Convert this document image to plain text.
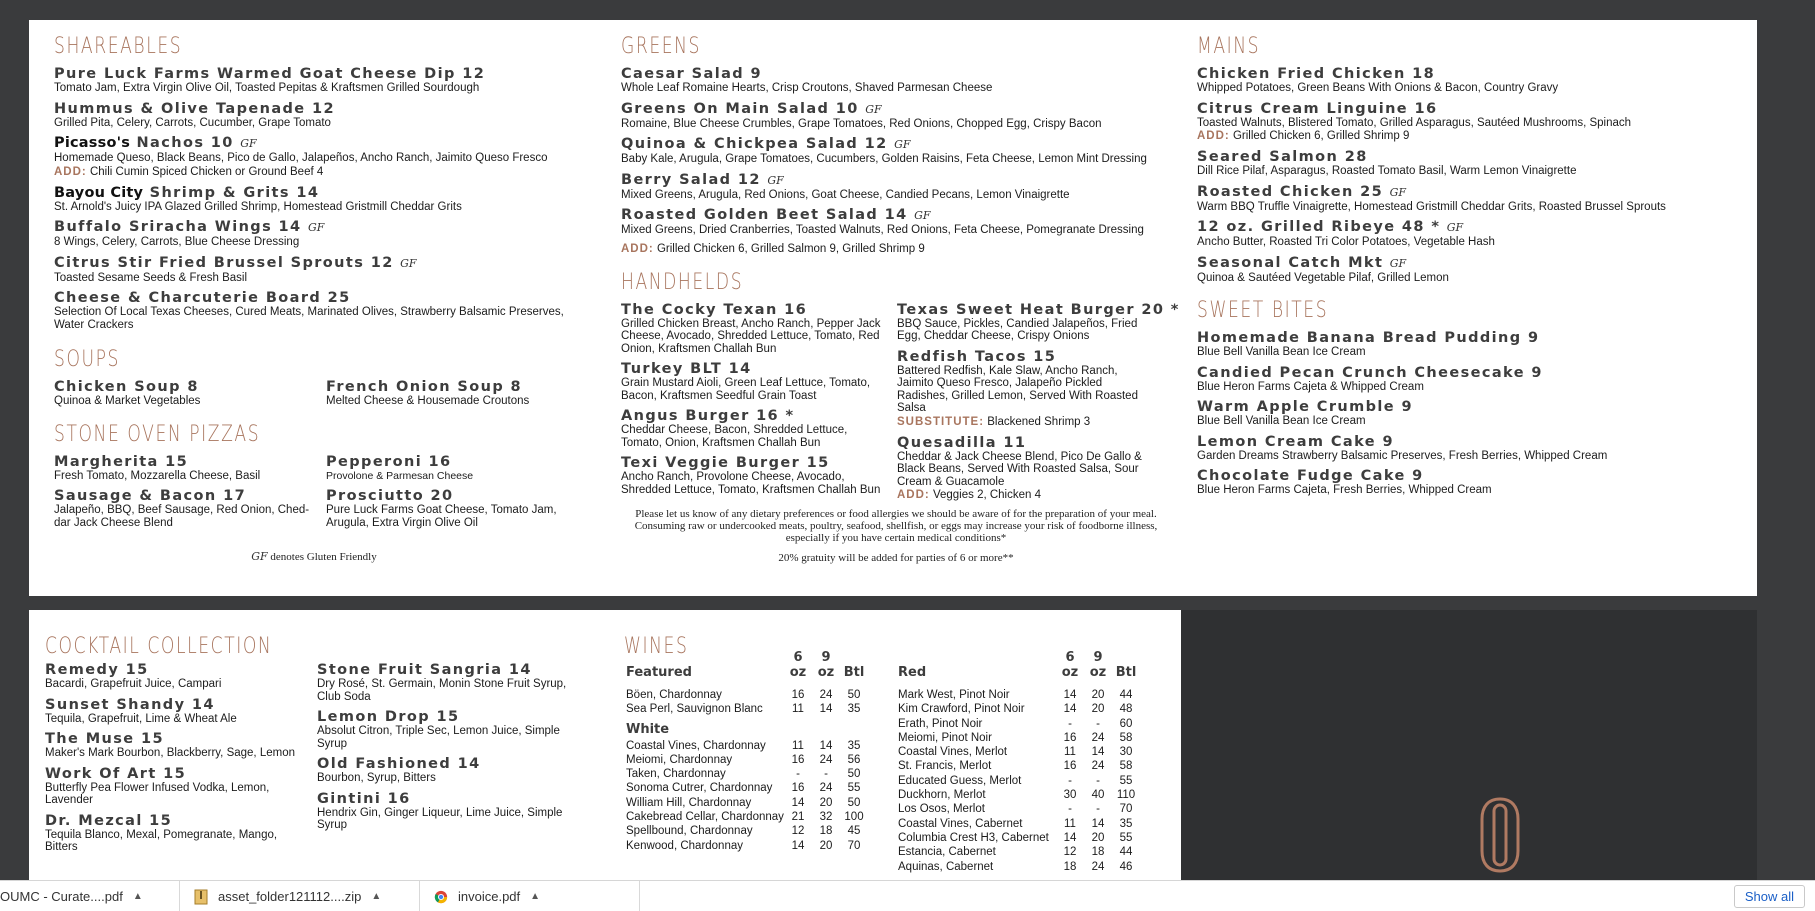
SHAREABLES
Pure Luck Farms Warmed Goat Cheese Dip 12
Tomato Jam, Extra Virgin Olive Oil, Toasted Pepitas & Kraftsmen Grilled Sourdough
Hummus & Olive Tapenade 12
Grilled Pita, Celery, Carrots, Cucumber, Grape Tomato
Picasso's Nachos 10 GF
Homemade Queso, Black Beans, Pico de Gallo, Jalapeños, Ancho Ranch, Jaimito Queso Fresco
ADD: Chili Cumin Spiced Chicken or Ground Beef 4
Bayou City Shrimp & Grits 14
St. Arnold's Juicy IPA Glazed Grilled Shrimp, Homestead Gristmill Cheddar Grits
Buffalo Sriracha Wings 14 GF
8 Wings, Celery, Carrots, Blue Cheese Dressing
Citrus Stir Fried Brussel Sprouts 12 GF
Toasted Sesame Seeds & Fresh Basil
Cheese & Charcuterie Board 25
Selection Of Local Texas Cheeses, Cured Meats, Marinated Olives, Strawberry Balsamic Preserves, Water Crackers
SOUPS
Chicken Soup 8
Quinoa & Market Vegetables
French Onion Soup 8
Melted Cheese & Housemade Croutons
STONE OVEN PIZZAS
Margherita 15
Fresh Tomato, Mozzarella Cheese, Basil
Sausage & Bacon 17
Jalapeño, BBQ, Beef Sausage, Red Onion, Ched-dar Jack Cheese Blend
Pepperoni 16
Provolone & Parmesan Cheese
Prosciutto 20
Pure Luck Farms Goat Cheese, Tomato Jam, Arugula, Extra Virgin Olive Oil
GF denotes Gluten Friendly
GREENS
Caesar Salad 9
Whole Leaf Romaine Hearts, Crisp Croutons, Shaved Parmesan Cheese
Greens On Main Salad 10 GF
Romaine, Blue Cheese Crumbles, Grape Tomatoes, Red Onions, Chopped Egg, Crispy Bacon
Quinoa & Chickpea Salad 12 GF
Baby Kale, Arugula, Grape Tomatoes, Cucumbers, Golden Raisins, Feta Cheese, Lemon Mint Dressing
Berry Salad 12 GF
Mixed Greens, Arugula, Red Onions, Goat Cheese, Candied Pecans, Lemon Vinaigrette
Roasted Golden Beet Salad 14 GF
Mixed Greens, Dried Cranberries, Toasted Walnuts, Red Onions, Feta Cheese, Pomegranate Dressing
ADD: Grilled Chicken 6, Grilled Salmon 9, Grilled Shrimp 9
HANDHELDS
The Cocky Texan 16
Grilled Chicken Breast, Ancho Ranch, Pepper Jack Cheese, Avocado, Shredded Lettuce, Tomato, Red Onion, Kraftsmen Challah Bun
Turkey BLT 14
Grain Mustard Aioli, Green Leaf Lettuce, Tomato, Bacon, Kraftsmen Seedful Grain Toast
Angus Burger 16 *
Cheddar Cheese, Bacon, Shredded Lettuce, Tomato, Onion, Kraftsmen Challah Bun
Texi Veggie Burger 15
Ancho Ranch, Provolone Cheese, Avocado, Shredded Lettuce, Tomato, Kraftsmen Challah Bun
Texas Sweet Heat Burger 20 *
BBQ Sauce, Pickles, Candied Jalapeños, Fried Egg, Cheddar Cheese, Crispy Onions
Redfish Tacos 15
Battered Redfish, Kale Slaw, Ancho Ranch, Jaimito Queso Fresco, Jalapeño Pickled Radishes, Grilled Lemon, Served With Roasted Salsa
SUBSTITUTE: Blackened Shrimp 3
Quesadilla 11
Cheddar & Jack Cheese Blend, Pico De Gallo & Black Beans, Served With Roasted Salsa, Sour Cream & Guacamole
ADD: Veggies 2, Chicken 4
Please let us know of any dietary preferences or food allergies we should be aware of for the preparation of your meal. Consuming raw or undercooked meats, poultry, seafood, shellfish, or eggs may increase your risk of foodborne illness, especially if you have certain medical conditions*
20% gratuity will be added for parties of 6 or more**
MAINS
Chicken Fried Chicken 18
Whipped Potatoes, Green Beans With Onions & Bacon, Country Gravy
Citrus Cream Linguine 16
Toasted Walnuts, Blistered Tomato, Grilled Asparagus, Sautéed Mushrooms, Spinach
ADD: Grilled Chicken 6, Grilled Shrimp 9
Seared Salmon 28
Dill Rice Pilaf, Asparagus, Roasted Tomato Basil, Warm Lemon Vinaigrette
Roasted Chicken 25 GF
Warm BBQ Truffle Vinaigrette, Homestead Gristmill Cheddar Grits, Roasted Brussel Sprouts
12 oz. Grilled Ribeye 48 * GF
Ancho Butter, Roasted Tri Color Potatoes, Vegetable Hash
Seasonal Catch Mkt GF
Quinoa & Sautéed Vegetable Pilaf, Grilled Lemon
SWEET BITES
Homemade Banana Bread Pudding 9
Blue Bell Vanilla Bean Ice Cream
Candied Pecan Crunch Cheesecake 9
Blue Heron Farms Cajeta & Whipped Cream
Warm Apple Crumble 9
Blue Bell Vanilla Bean Ice Cream
Lemon Cream Cake 9
Garden Dreams Strawberry Balsamic Preserves, Fresh Berries, Whipped Cream
Chocolate Fudge Cake 9
Blue Heron Farms Cajeta, Fresh Berries, Whipped Cream
COCKTAIL COLLECTION
Remedy 15
Bacardi, Grapefruit Juice, Campari
Sunset Shandy 14
Tequila, Grapefruit, Lime & Wheat Ale
The Muse 15
Maker's Mark Bourbon, Blackberry, Sage, Lemon
Work Of Art 15
Butterfly Pea Flower Infused Vodka, Lemon, Lavender
Dr. Mezcal 15
Tequila Blanco, Mexal, Pomegranate, Mango, Bitters
Stone Fruit Sangria 14
Dry Rosé, St. Germain, Monin Stone Fruit Syrup, Club Soda
Lemon Drop 15
Absolut Citron, Triple Sec, Lemon Juice, Simple Syrup
Old Fashioned 14
Bourbon, Syrup, Bitters
Gintini 16
Hendrix Gin, Ginger Liqueur, Lime Juice, Simple Syrup
WINES
Featured
6 oz
9 oz Btl
Böen, Chardonnay	16	24	50
Sea Perl, Sauvignon Blanc	11	14	35
White
Coastal Vines, Chardonnay	11	14	35
Meiomi, Chardonnay	16	24	56
Taken, Chardonnay	-	-	50
Sonoma Cutrer, Chardonnay	16	24	55
William Hill, Chardonnay	14	20	50
Cakebread Cellar, Chardonnay 21	32	100
Spellbound, Chardonnay	12	18	45
Kenwood, Chardonnay	14	20	70
Red
6 oz
9 oz Btl
Mark West, Pinot Noir	14	20	44
Kim Crawford, Pinot Noir	14	20	48
Erath, Pinot Noir	-	-	60
Meiomi, Pinot Noir	16	24	58
Coastal Vines, Merlot	11	14	30
St. Francis, Merlot	16	24	58
Educated Guess, Merlot	-	-	55
Duckhorn, Merlot	30	40	110
Los Osos, Merlot	-	-	70
Coastal Vines, Cabernet	11	14	35
Columbia Crest H3, Cabernet	14	20	55
Estancia, Cabernet	12	18	44
Aquinas, Cabernet	18	24	46
OUMC - Curate....pdf ▲	asset_folder121112....zip ▲	invoice.pdf ▲	Show all
